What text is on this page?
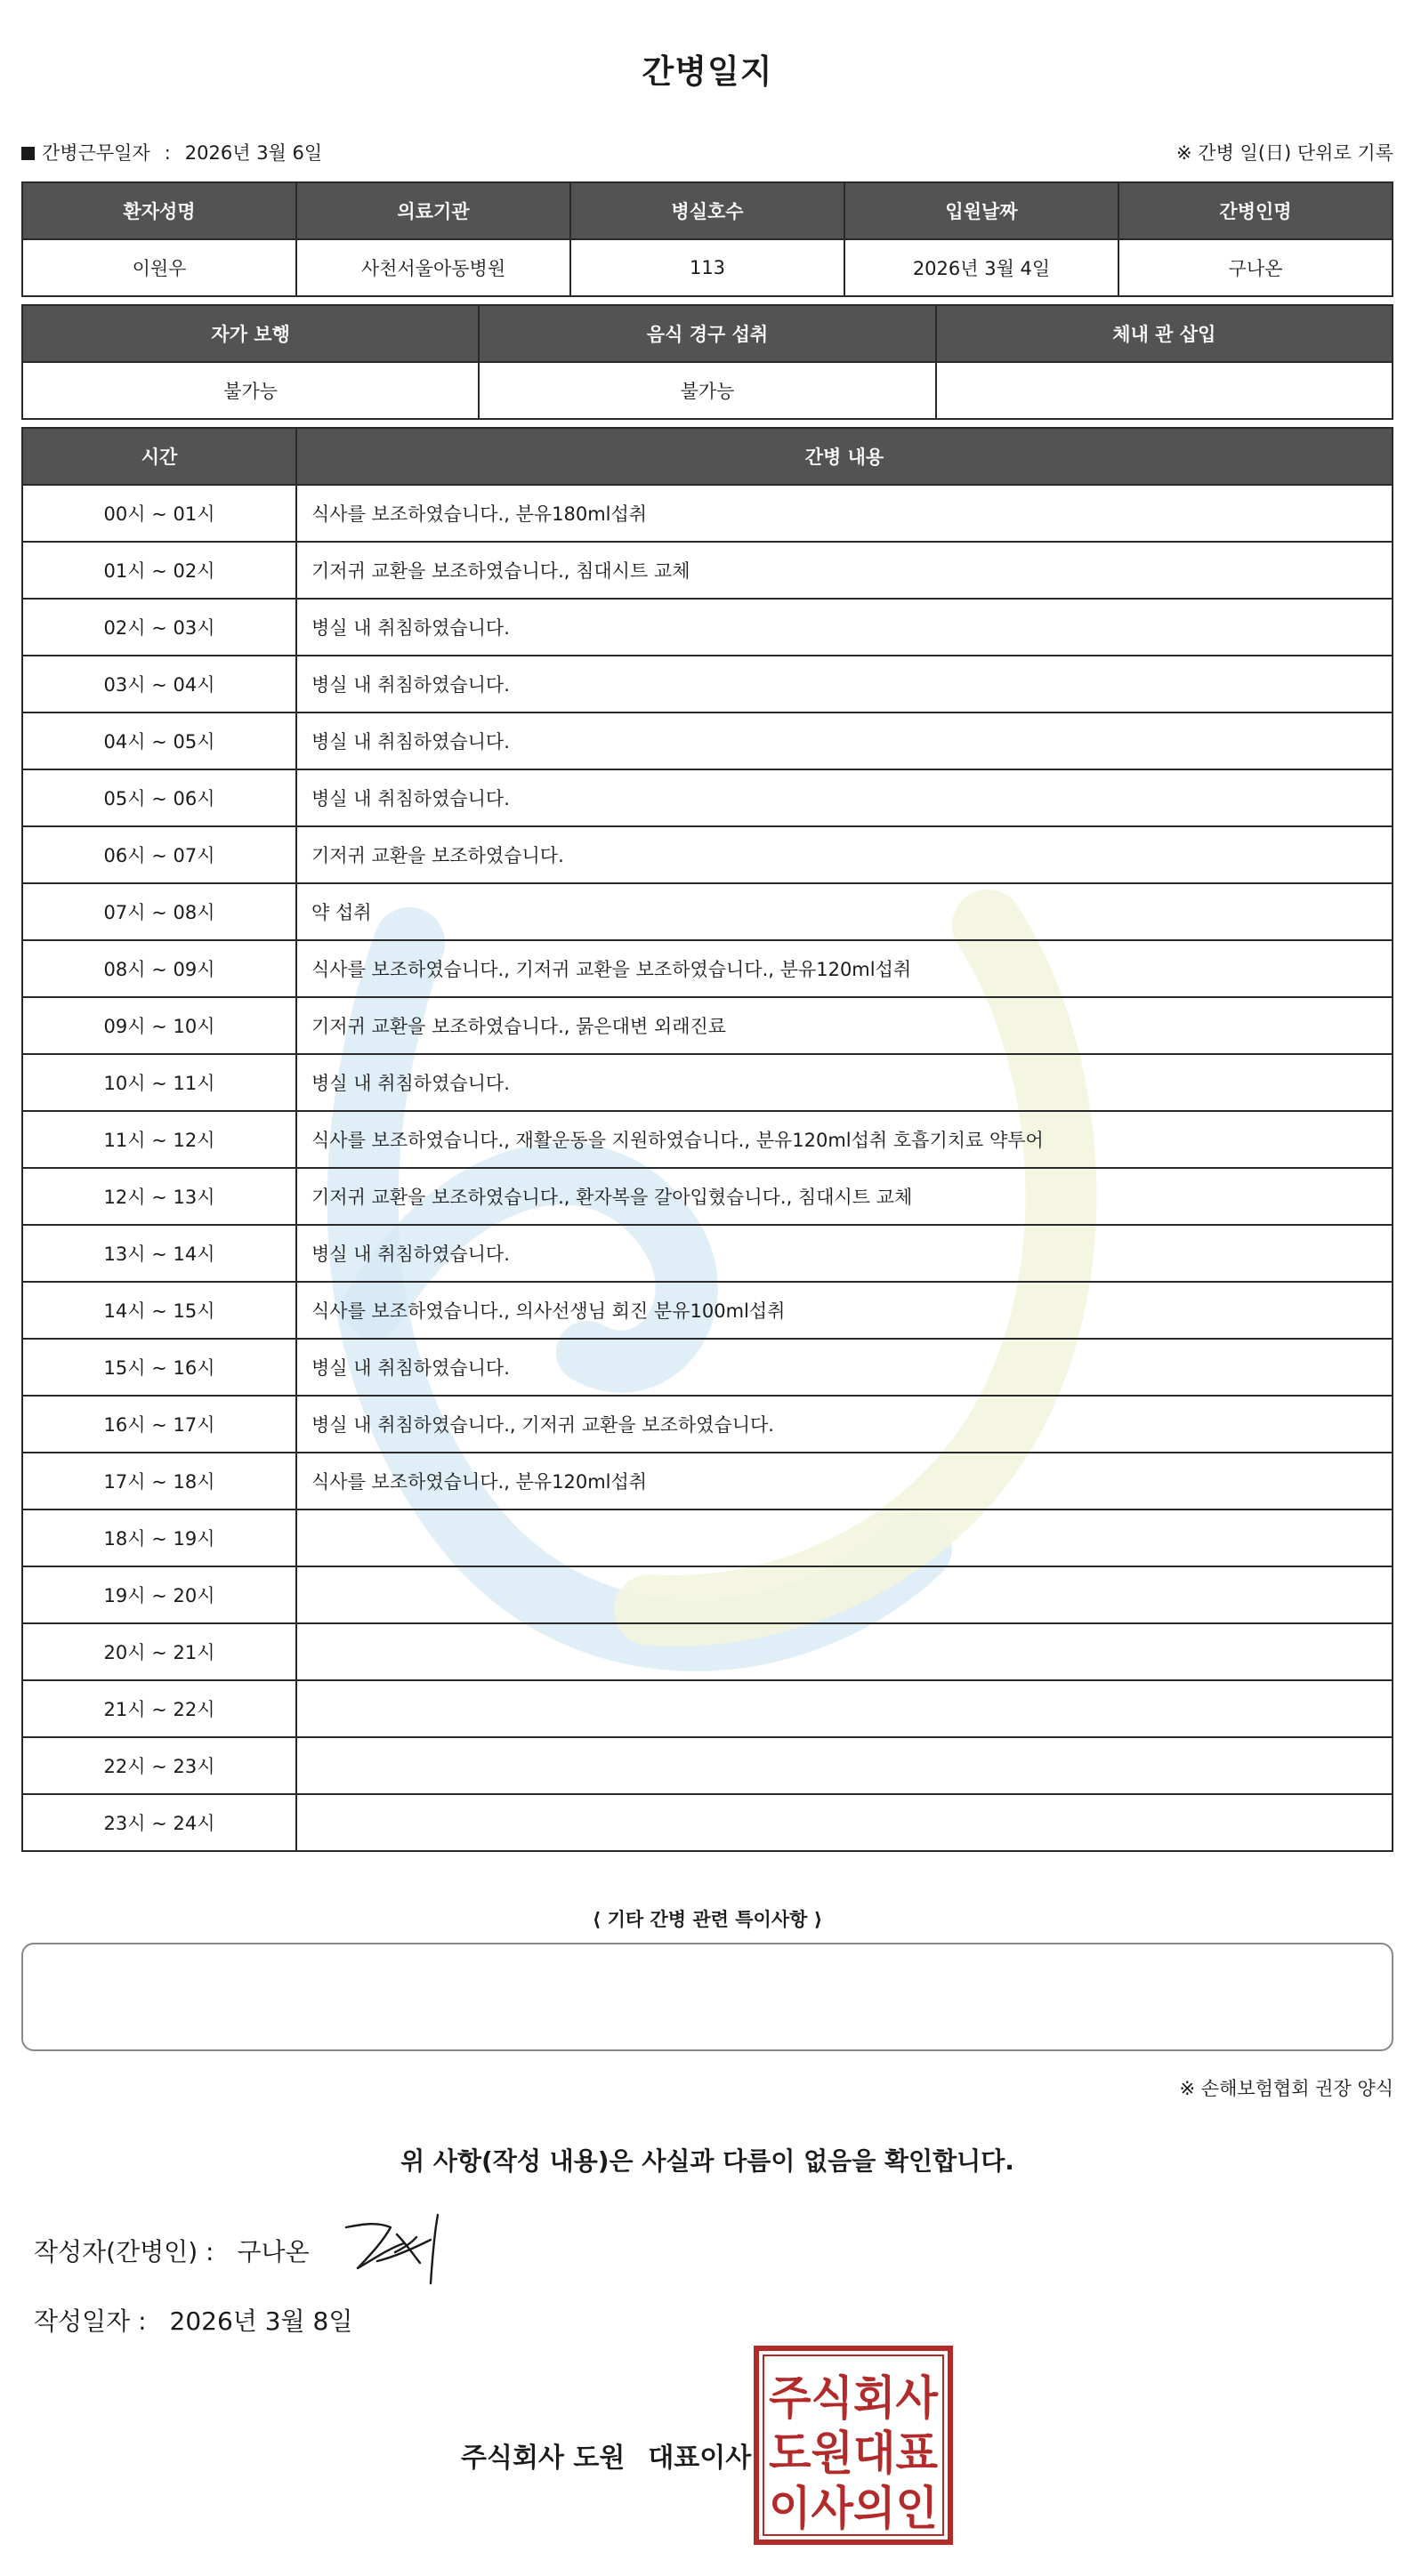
간병일지
간병근무일자 : 2026년 3월 6일	※ 간병 일(日) 단위로 기록
환자성명	의료기관	병실호수	입원날짜	간병인명
이원우	사천서울아동병원	113	2026년 3월 4일	구나온
자가 보행	음식 경구 섭취	체내 관 삽입
불가능	불가능	
시간	간병 내용
00시 ~ 01시	식사를 보조하였습니다., 분유180ml섭취
01시 ~ 02시	기저귀 교환을 보조하였습니다., 침대시트 교체
02시 ~ 03시	병실 내 취침하였습니다.
03시 ~ 04시	병실 내 취침하였습니다.
04시 ~ 05시	병실 내 취침하였습니다.
05시 ~ 06시	병실 내 취침하였습니다.
06시 ~ 07시	기저귀 교환을 보조하였습니다.
07시 ~ 08시	약 섭취
08시 ~ 09시	식사를 보조하였습니다., 기저귀 교환을 보조하였습니다., 분유120ml섭취
09시 ~ 10시	기저귀 교환을 보조하였습니다., 묽은대변 외래진료
10시 ~ 11시	병실 내 취침하였습니다.
11시 ~ 12시	식사를 보조하였습니다., 재활운동을 지원하였습니다., 분유120ml섭취 호흡기치료 약투어
12시 ~ 13시	기저귀 교환을 보조하였습니다., 환자복을 갈아입혔습니다., 침대시트 교체
13시 ~ 14시	병실 내 취침하였습니다.
14시 ~ 15시	식사를 보조하였습니다., 의사선생님 회진 분유100ml섭취
15시 ~ 16시	병실 내 취침하였습니다.
16시 ~ 17시	병실 내 취침하였습니다., 기저귀 교환을 보조하였습니다.
17시 ~ 18시	식사를 보조하였습니다., 분유120ml섭취
18시 ~ 19시	
19시 ~ 20시	
20시 ~ 21시	
21시 ~ 22시	
22시 ~ 23시	
23시 ~ 24시	
⟨ 기타 간병 관련 특이사항 ⟩
※ 손해보험협회 권장 양식
위 사항(작성 내용)은 사실과 다름이 없음을 확인합니다.
작성자(간병인) : 구나온
작성일자 : 2026년 3월 8일
주식회사 도원 대표이사
주식회사
도원대표
이사의인
